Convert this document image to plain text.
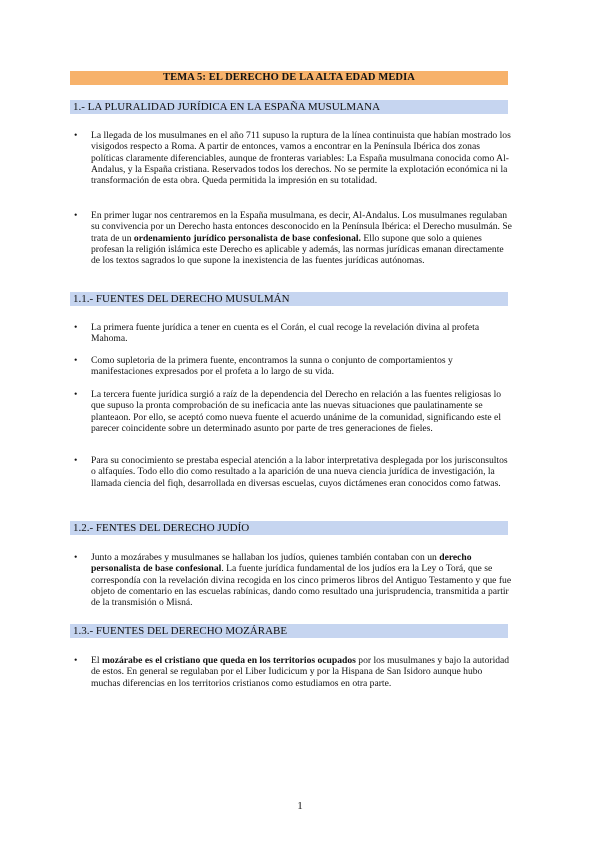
TEMA 5: EL DERECHO DE LA ALTA EDAD MEDIA
1.- LA PLURALIDAD JURÍDICA EN LA ESPAÑA MUSULMANA
• La llegada de los musulmanes en el año 711 supuso la ruptura de la línea continuista que habían mostrado los visigodos respecto a Roma. A partir de entonces, vamos a encontrar en la Península Ibérica dos zonas políticas claramente diferenciables, aunque de fronteras variables: La España musulmana conocida como Al- Andalus, y la España cristiana. Reservados todos los derechos. No se permite la explotación económica ni la transformación de esta obra. Queda permitida la impresión en su totalidad.
• En primer lugar nos centraremos en la España musulmana, es decir, Al-Andalus. Los musulmanes regulaban su convivencia por un Derecho hasta entonces desconocido en la Península Ibérica: el Derecho musulmán. Se trata de un ordenamiento jurídico personalista de base confesional. Ello supone que solo a quienes profesan la religión islámica este Derecho es aplicable y además, las normas jurídicas emanan directamente de los textos sagrados lo que supone la inexistencia de las fuentes jurídicas autónomas.
1.1.- FUENTES DEL DERECHO MUSULMÁN
• La primera fuente jurídica a tener en cuenta es el Corán, el cual recoge la revelación divina al profeta Mahoma.
• Como supletoria de la primera fuente, encontramos la sunna o conjunto de comportamientos y manifestaciones expresados por el profeta a lo largo de su vida.
• La tercera fuente jurídica surgió a raíz de la dependencia del Derecho en relación a las fuentes religiosas lo que supuso la pronta comprobación de su ineficacia ante las nuevas situaciones que paulatinamente se planteaon. Por ello, se aceptó como nueva fuente el acuerdo unánime de la comunidad, significando este el parecer coincidente sobre un determinado asunto por parte de tres generaciones de fieles.
• Para su conocimiento se prestaba especial atención a la labor interpretativa desplegada por los jurisconsultos o alfaquíes. Todo ello dio como resultado a la aparición de una nueva ciencia jurídica de investigación, la llamada ciencia del fiqh, desarrollada en diversas escuelas, cuyos dictámenes eran conocidos como fatwas.
1.2.- FENTES DEL DERECHO JUDÍO
• Junto a mozárabes y musulmanes se hallaban los judíos, quienes también contaban con un derecho personalista de base confesional. La fuente jurídica fundamental de los judíos era la Ley o Torá, que se correspondía con la revelación divina recogida en los cinco primeros libros del Antiguo Testamento y que fue objeto de comentario en las escuelas rabínicas, dando como resultado una jurisprudencia, transmitida a partir de la transmisión o Misná.
1.3.- FUENTES DEL DERECHO MOZÁRABE
• El mozárabe es el cristiano que queda en los territorios ocupados por los musulmanes y bajo la autoridad de estos. En general se regulaban por el Liber Iudicicum y por la Hispana de San Isidoro aunque hubo muchas diferencias en los territorios cristianos como estudiamos en otra parte.
1
